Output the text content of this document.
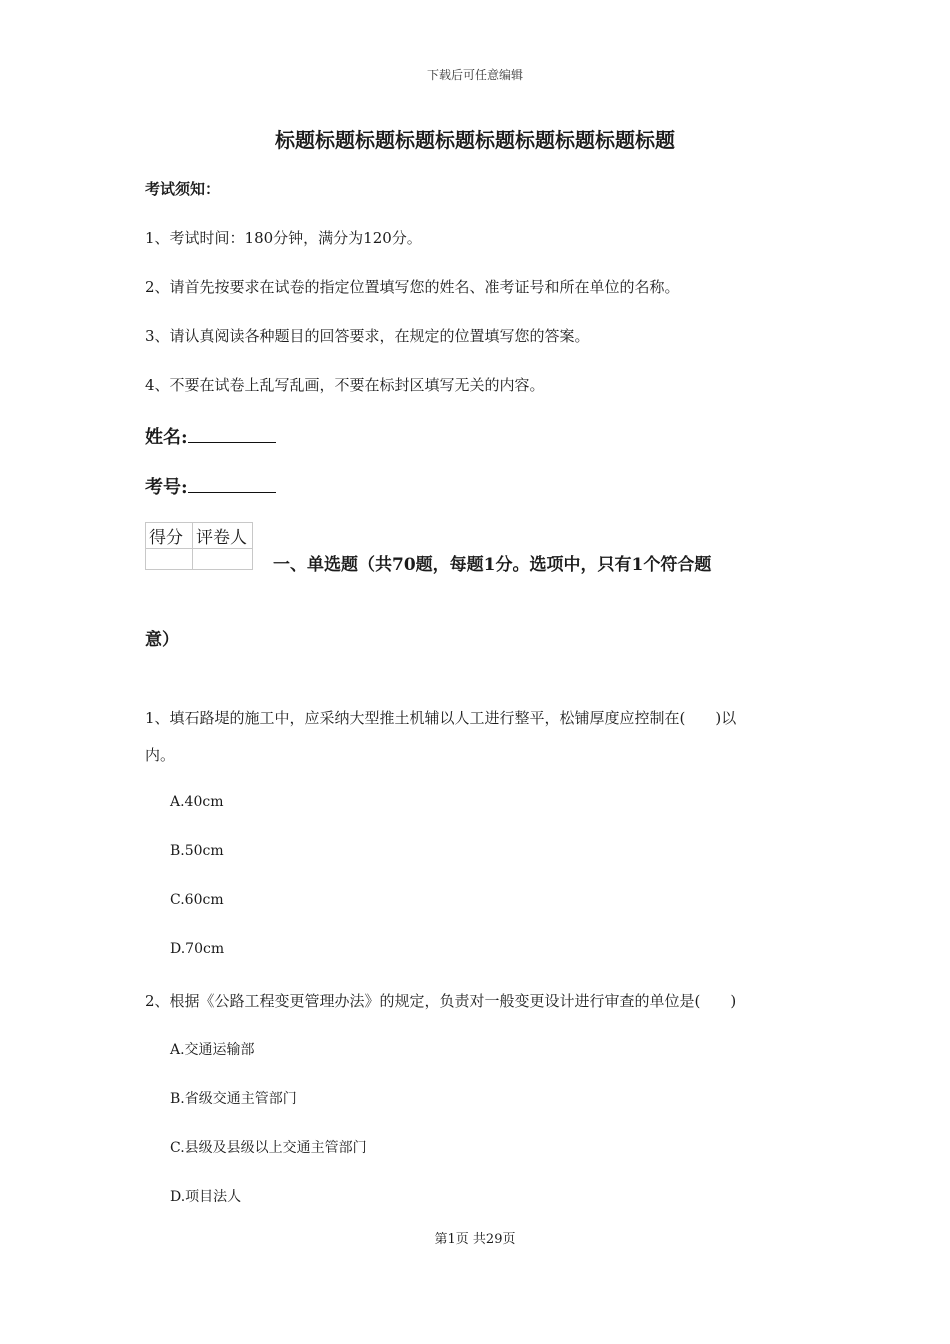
下载后可任意编辑
标题标题标题标题标题标题标题标题标题标题
考试须知：
1、考试时间：180分钟，满分为120分。
2、请首先按要求在试卷的指定位置填写您的姓名、准考证号和所在单位的名称。
3、请认真阅读各种题目的回答要求，在规定的位置填写您的答案。
4、不要在试卷上乱写乱画，不要在标封区填写无关的内容。
姓名:
考号:
得分	评卷人

一、单选题（共70题，每题1分。选项中，只有1个符合题
意）
1、填石路堤的施工中，应采纳大型推土机辅以人工进行整平，松铺厚度应控制在(　　)以
内。
A.40cm
B.50cm
C.60cm
D.70cm
2、根据《公路工程变更管理办法》的规定，负责对一般变更设计进行审查的单位是(　　)
A.交通运输部
B.省级交通主管部门
C.县级及县级以上交通主管部门
D.项目法人
第1页 共29页
